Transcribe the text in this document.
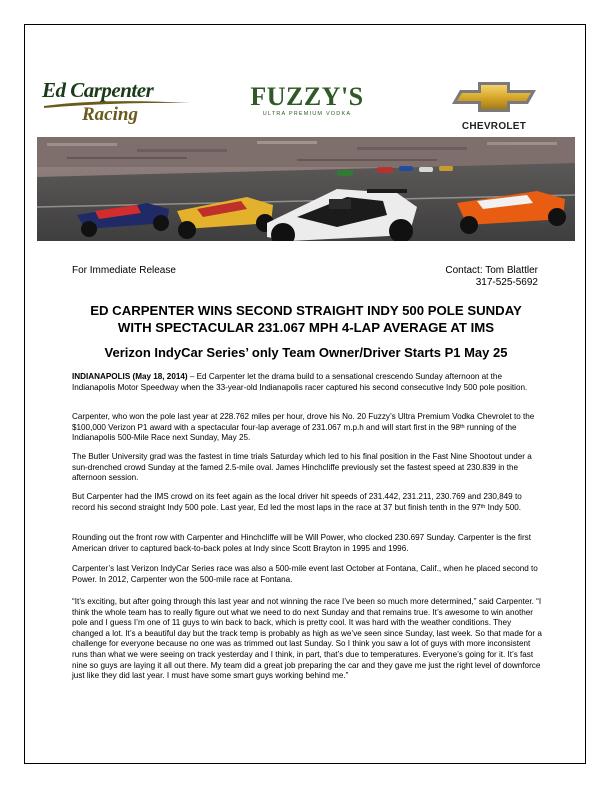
Ed Carpenter
Racing
FUZZY'S
ULTRA PREMIUM VODKA
CHEVROLET
For Immediate Release	Contact: Tom Blattler
317-525-5692
ED CARPENTER WINS SECOND STRAIGHT INDY 500 POLE SUNDAY
WITH SPECTACULAR 231.067 MPH 4-LAP AVERAGE AT IMS
Verizon IndyCar Series’ only Team Owner/Driver Starts P1 May 25

INDIANAPOLIS (May 18, 2014) – Ed Carpenter let the drama build to a sensational crescendo Sunday afternoon at the Indianapolis Motor Speedway when the 33-year-old Indianapolis racer captured his second consecutive Indy 500 pole position.

Carpenter, who won the pole last year at 228.762 miles per hour, drove his No. 20 Fuzzy’s Ultra Premium Vodka Chevrolet to the $100,000 Verizon P1 award with a spectacular four-lap average of 231.067 m.p.h and will start first in the 98th running of the Indianapolis 500-Mile Race next Sunday, May 25.

The Butler University grad was the fastest in time trials Saturday which led to his final position in the Fast Nine Shootout under a sun-drenched crowd Sunday at the famed 2.5-mile oval. James Hinchcliffe previously set the fastest speed at 230.839 in the afternoon session.

But Carpenter had the IMS crowd on its feet again as the local driver hit speeds of 231.442, 231.211, 230.769 and 230,849 to record his second straight Indy 500 pole. Last year, Ed led the most laps in the race at 37 but finish tenth in the 97th Indy 500.

Rounding out the front row with Carpenter and Hinchcliffe will be Will Power, who clocked 230.697 Sunday. Carpenter is the first American driver to captured back-to-back poles at Indy since Scott Brayton in 1995 and 1996.

Carpenter’s last Verizon IndyCar Series race was also a 500-mile event last October at Fontana, Calif., when he placed second to Power. In 2012, Carpenter won the 500-mile race at Fontana.

“It’s exciting, but after going through this last year and not winning the race I’ve been so much more determined,” said Carpenter. “I think the whole team has to really figure out what we need to do next Sunday and that remains true. It’s awesome to win another pole and I guess I’m one of 11 guys to win back to back, which is pretty cool. It was hard with the weather conditions. They changed a lot. It’s a beautiful day but the track temp is probably as high as we’ve seen since Sunday, last week. So that made for a challenge for everyone because no one was as trimmed out last Sunday. So I think you saw a lot of guys with more inconsistent runs than what we were seeing on track yesterday and I think, in part, that’s due to temperatures. Everyone’s going for it. It’s fast nine so guys are laying it all out there. My team did a great job preparing the car and they gave me just the right level of downforce just like they did last year. I must have some smart guys working behind me.”
